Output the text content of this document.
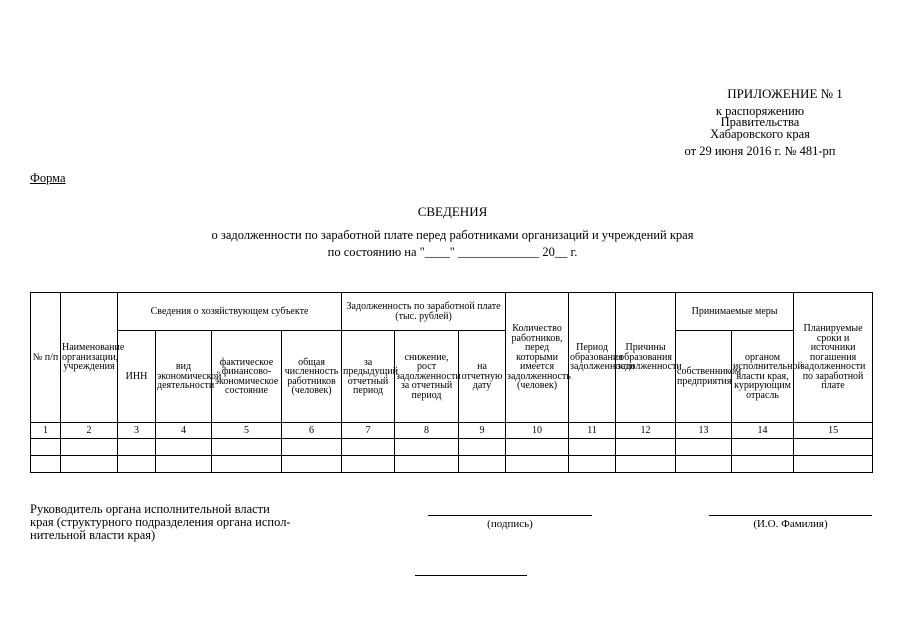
ПРИЛОЖЕНИЕ № 1
к распоряжению
Правительства
Хабаровского края
от 29 июня 2016 г. № 481-рп
Форма
СВЕДЕНИЯ
о задолженности по заработной плате перед работниками организаций и учреждений края
по состоянию на "____" _____________ 20__ г.
№ п/п	Наименование организации, учреждения	Сведения о хозяйствующем субъекте				Задолженность по заработной плате (тыс. рублей)			Количество работников, перед которыми имеется задолженность (человек)	Период образования задолженности	Причины образования задолженности	Принимаемые меры		Планируемые сроки и источники погашения задолженности по заработной плате
		ИНН	вид экономической деятельности	фактическое финансово-экономическое состояние	общая численность работников (человек)	за предыдущий отчетный период	снижение, рост задолженности за отчетный период	на отчетную дату				собственником предприятия	органом исполнительной власти края, курирующим отрасль	
1	2	3	4	5	6	7	8	9	10	11	12	13	14	15

Руководитель органа исполнительной власти
края (структурного подразделения органа испол-
нительной власти края)
(подпись)	(И.О. Фамилия)
